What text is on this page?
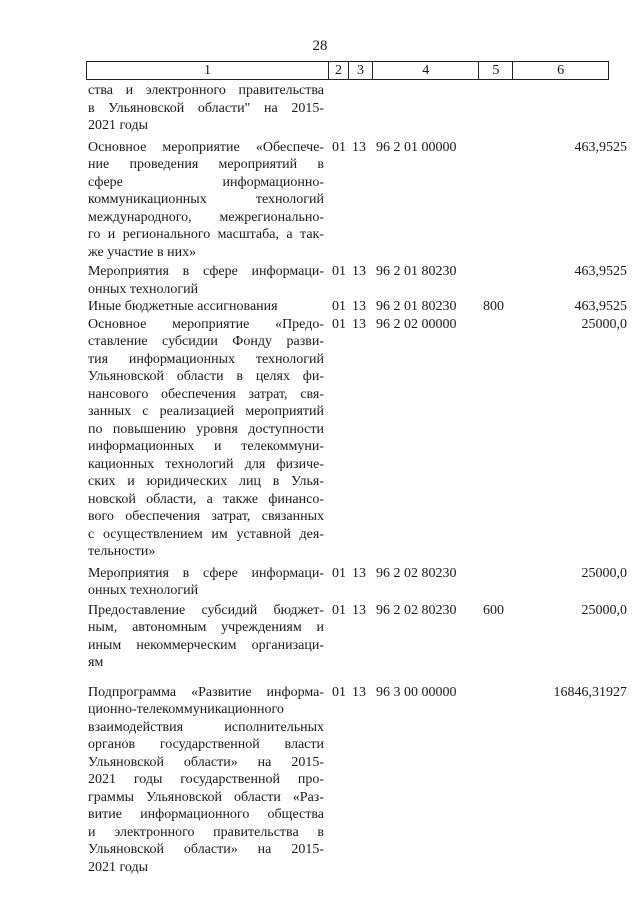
28
1	2	3	4	5	6
ства и электронного правительства
в Ульяновской области" на 2015-
2021 годы
Основное мероприятие «Обеспече-
ние проведения мероприятий в
сфере информационно-
коммуникационных технологий
международного, межрегионально-
го и регионального масштаба, а так-
же участие в них»
01 13 96 2 01 00000	463,9525
Мероприятия в сфере информаци-
онных технологий
01 13 96 2 01 80230	463,9525
Иные бюджетные ассигнования	01 13 96 2 01 80230	800	463,9525
Основное мероприятие «Предо-
ставление субсидии Фонду разви-
тия информационных технологий
Ульяновской области в целях фи-
нансового обеспечения затрат, свя-
занных с реализацией мероприятий
по повышению уровня доступности
информационных и телекоммуни-
кационных технологий для физиче-
ских и юридических лиц в Улья-
новской области, а также финансо-
вого обеспечения затрат, связанных
с осуществлением им уставной дея-
тельности»
01 13 96 2 02 00000	25000,0
Мероприятия в сфере информаци-
онных технологий
01 13 96 2 02 80230	25000,0
Предоставление субсидий бюджет-
ным, автономным учреждениям и
иным некоммерческим организаци-
ям
01 13 96 2 02 80230	600	25000,0
Подпрограмма «Развитие информа-
ционно-телекоммуникационного
взаимодействия исполнительных
органов государственной власти
Ульяновской области» на 2015-
2021 годы государственной про-
граммы Ульяновской области «Раз-
витие информационного общества
и электронного правительства в
Ульяновской области» на 2015-
2021 годы
01 13 96 3 00 00000	16846,31927
